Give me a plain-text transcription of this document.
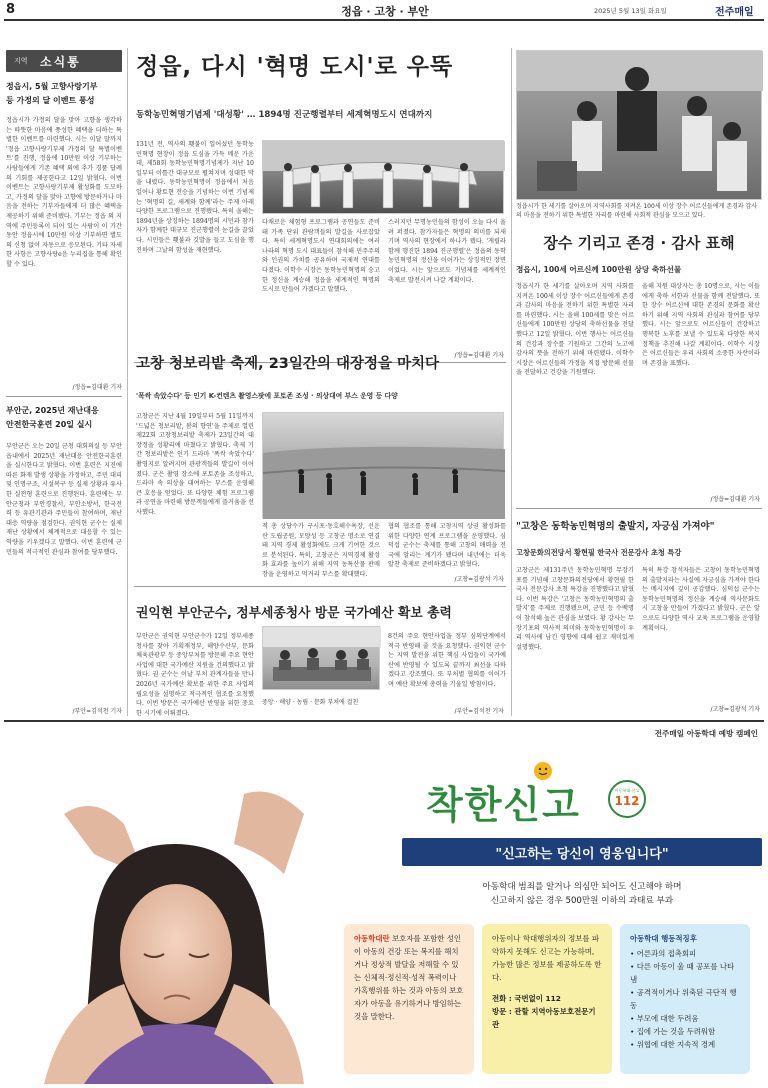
8	정읍 · 고창 · 부안	2025년 5월 13일 화요일	전주매일
지역 소식통
정읍시, 5월 고향사랑기부
등 가정의 달 이벤트 풍성
정읍시가 가정의 달을 맞아 고향을 생각하는 따뜻한 마음에 풍성한 혜택을 더하는 특별한 이벤트를 마련했다. 시는 이달 말까지 '정읍 고향사랑기부제 가정의 달 특별이벤트'를 진행, 정읍에 10만원 이상 기부하는 사람들에게 기존 혜택 외에 추가 경품 답례의 기회를 제공한다고 12일 밝혔다. 이번 이벤트는 고향사랑기부제 활성화를 도모하고, 가정의 달을 맞아 고향에 방문하거나 마음을 전하는 기부자들에게 더 많은 혜택을 제공하기 위해 준비됐다. 기부는 정읍 외 지역에 주민등록이 되어 있는 사람이 이 기간 동안 정읍시에 10만원 이상 기부하면 별도의 신청 없이 자동으로 응모된다. 기타 자세한 사항은 고향사랑e음 누리집을 통해 확인할 수 있다.
/정읍=김대환 기자
부안군, 2025년 재난대응
안전한국훈련 20일 실시
부안군은 오는 20일 군청 대회의실 등 부안읍내에서 2025년 재난대응 안전한국훈련을 실시한다고 밝혔다. 이번 훈련은 지진에 따른 화재 발생 상황을 가정하고, 주민 대피 및 인명구조, 시설복구 등 실제 상황과 유사한 실전형 훈련으로 진행된다. 훈련에는 부안군청과 부안경찰서, 부안소방서, 한국전력 등 유관기관과 주민들이 참여하며, 재난대응 역량을 점검한다. 권익현 군수는 실제 재난 상황에서 체계적으로 대응할 수 있는 역량을 키우겠다고 말했다. 이번 훈련에 군민들의 적극적인 관심과 참여를 당부했다.
/부안=김석천 기자
정읍, 다시 '혁명 도시'로 우뚝
동학농민혁명기념제 '대성황' … 1894명 진군행렬부터 세계혁명도시 연대까지
131년 전, 역사의 횃불이 일어섰던 동학농민혁명 현장이 정읍 도심을 가득 메운 가운데, 제58회 동학농민혁명기념제가 지난 10일부터 이틀간 대규모로 펼쳐지며 성대한 막을 내렸다. 동학농민혁명이 정읍에서 처음 일어나 황토현 전승을 기념하는 이번 기념제는 '혁명의 길, 세계와 함께'라는 주제 아래 다양한 프로그램으로 진행됐다. 특히 올해는 1894년을 상징하는 1894명의 시민과 참가자가 함께한 대규모 진군행렬이 눈길을 끌었다. 시민들은 횃불과 깃발을 들고 도심을 행진하며 그날의 함성을 재현했다.
다채로운 체험형 프로그램과 공연들도 준비돼 가족 단위 관람객들의 발길을 사로잡았다. 특히 세계혁명도시 연대회의에는 여러 나라의 혁명 도시 대표들이 참석해 민주주의와 인권의 가치를 공유하며 국제적 연대를 다졌다. 이학수 시장은 동학농민혁명의 숭고한 정신을 계승해 정읍을 세계적인 혁명의 도시로 만들어 가겠다고 말했다.
스러지던 무명농민들의 함성이 오늘 다시 울려 퍼졌다. 참가자들은 혁명의 의미를 되새기며 역사의 현장에서 하나가 됐다. '게릴라 함께 행진한 1894 진군행렬'은 정읍의 동학농민혁명의 정신을 이어가는 상징적인 장면이었다. 시는 앞으로도 기념제를 세계적인 축제로 발전시켜 나갈 계획이다.
/정읍=김대환 기자
고창 청보리밭 축제, 23일간의 대장정을 마치다
'폭싹 속았수다' 등 인기 K-컨텐츠 촬영스팟에 포토존 조성 · 의상대여 부스 운영 등 다양
고창군은 지난 4월 19일부터 5월 11일까지 '드넓은 청보리밭, 봄의 향연'을 주제로 열린 제22회 고창청보리밭 축제가 23일간의 대장정을 성황리에 마쳤다고 밝혔다. 축제 기간 청보리밭은 인기 드라마 '폭싹 속았수다' 촬영지로 알려지며 관광객들의 발길이 이어졌다. 군은 촬영 장소에 포토존을 조성하고, 드라마 속 의상을 대여하는 부스를 운영해 큰 호응을 얻었다. 또 다양한 체험 프로그램과 공연을 마련해 방문객들에게 즐거움을 선사했다.
적 총 상당수가 구시포·동호해수욕장, 선운산 도립공원, 모양성 등 고창군 명소로 연결돼 지역 경제 활성화에도 크게 기여한 것으로 분석된다. 특히, 고창군은 지역경제 활성화 효과를 높이기 위해 지역 농특산물 판매장을 운영하고 먹거리 부스를 확대했다.
협의 협조를 통해 고창지역 상권 활성화를 위한 다양한 연계 프로그램을 운영했다. 심덕섭 군수는 축제를 통해 고창의 매력을 전국에 알리는 계기가 됐다며 내년에는 더욱 알찬 축제로 준비하겠다고 밝혔다.
/고창=김광석 기자
권익현 부안군수, 정부세종청사 방문 국가예산 확보 총력
부안군은 권익현 부안군수가 12일 정부세종청사를 찾아 기획재정부, 해양수산부, 문화체육관광부 등 중앙부처를 방문해 주요 현안사업에 대한 국가예산 지원을 건의했다고 밝혔다. 권 군수는 이날 부처 관계자들을 만나 2026년 국가예산 확보를 위한 주요 사업의 필요성을 설명하고 적극적인 협조를 요청했다. 이번 방문은 국가예산 반영을 위한 중요한 시기에 이뤄졌다.
중앙 · 해양 · 농림 · 문화 부처에 걸친
8건의 주요 현안사업을 정부 심의단계에서 적극 반영해 줄 것을 요청했다. 권익현 군수는 지역 발전을 위한 핵심 사업들이 국가예산에 반영될 수 있도록 끝까지 최선을 다하겠다고 강조했다. 또 부처별 협의를 이어가며 예산 확보에 총력을 기울일 방침이다.
/부안=김석천 기자
정읍시가 한 세기를 살아오며 지역사회를 지켜온 100세 이상 장수 어르신들에게 존경과 감사의 마음을 전하기 위한 특별한 자리를 마련해 사회적 관심을 모으고 있다.
장수 기리고 존경 · 감사 표해
정읍시, 100세 어르신께 100만원 상당 축하선물
정읍시가 한 세기를 살아오며 지역 사회를 지켜온 100세 이상 장수 어르신들에게 존경과 감사의 마음을 전하기 위한 특별한 자리를 마련했다. 시는 올해 100세를 맞은 어르신들에게 100만원 상당의 축하선물을 전달했다고 12일 밝혔다. 이번 행사는 어르신들의 건강과 장수를 기원하고 그간의 노고에 감사의 뜻을 전하기 위해 마련됐다. 이학수 시장은 어르신들의 가정을 직접 방문해 선물을 전달하고 건강을 기원했다.
올해 지원 대상자는 총 10명으로, 시는 이들에게 축하 서한과 선물을 함께 전달했다. 또한 장수 어르신에 대한 존경의 문화를 확산하기 위해 지역 사회의 관심과 참여를 당부했다. 시는 앞으로도 어르신들이 건강하고 행복한 노후를 보낼 수 있도록 다양한 복지 정책을 추진해 나갈 계획이다. 이학수 시장은 어르신들은 우리 사회의 소중한 자산이라며 존경을 표했다.
/정읍=김대환 기자
"고창은 동학농민혁명의 출발지, 자긍심 가져야"
고창문화의전당서 황현필 한국사 전문강사 초청 특강
고창군은 제131주년 동학농민혁명 무장기포를 기념해 고창문화의전당에서 황현필 한국사 전문강사 초청 특강을 진행했다고 밝혔다. 이번 특강은 '고창은 동학농민혁명의 출발지'를 주제로 진행됐으며, 군민 등 수백명이 참석해 높은 관심을 보였다. 황 강사는 무장기포의 역사적 의미와 동학농민혁명이 우리 역사에 남긴 영향에 대해 쉽고 재미있게 설명했다.
특히 특강 참석자들은 고창이 동학농민혁명의 출발지라는 사실에 자긍심을 가져야 한다는 메시지에 깊이 공감했다. 심덕섭 군수는 동학농민혁명의 정신을 계승해 역사문화도시 고창을 만들어 가겠다고 밝혔다. 군은 앞으로도 다양한 역사 교육 프로그램을 운영할 계획이다.
/고창=김광석 기자
전주매일 아동학대 예방 캠페인
착한신고	아동학대 신고
112
"신고하는 당신이 영웅입니다"
아동학대 범죄를 알거나 의심만 되어도 신고해야 하며
신고하지 않은 경우 500만원 이하의 과태료 부과
아동학대란 보호자를 포함한 성인이 아동의 건강 또는 복지를 해치거나 정상적 발달을 저해할 수 있는 신체적·정신적·성적 폭력이나 가혹행위를 하는 것과 아동의 보호자가 아동을 유기하거나 방임하는 것을 말한다.
아동이나 학대행위자의 정보를 파악하지 못해도 신고는 가능하며, 가능한 많은 정보를 제공하도록 한다.
전화 : 국번없이 112
방문 : 관할 지역아동보호전문기관
아동학대 행동적징후
• 어른과의 접촉회피
• 다른 아동이 울 때 공포를 나타냄
• 공격적이거나 위축된 극단적 행동
• 부모에 대한 두려움
• 집에 가는 것을 두려워함
• 위협에 대한 지속적 경계
